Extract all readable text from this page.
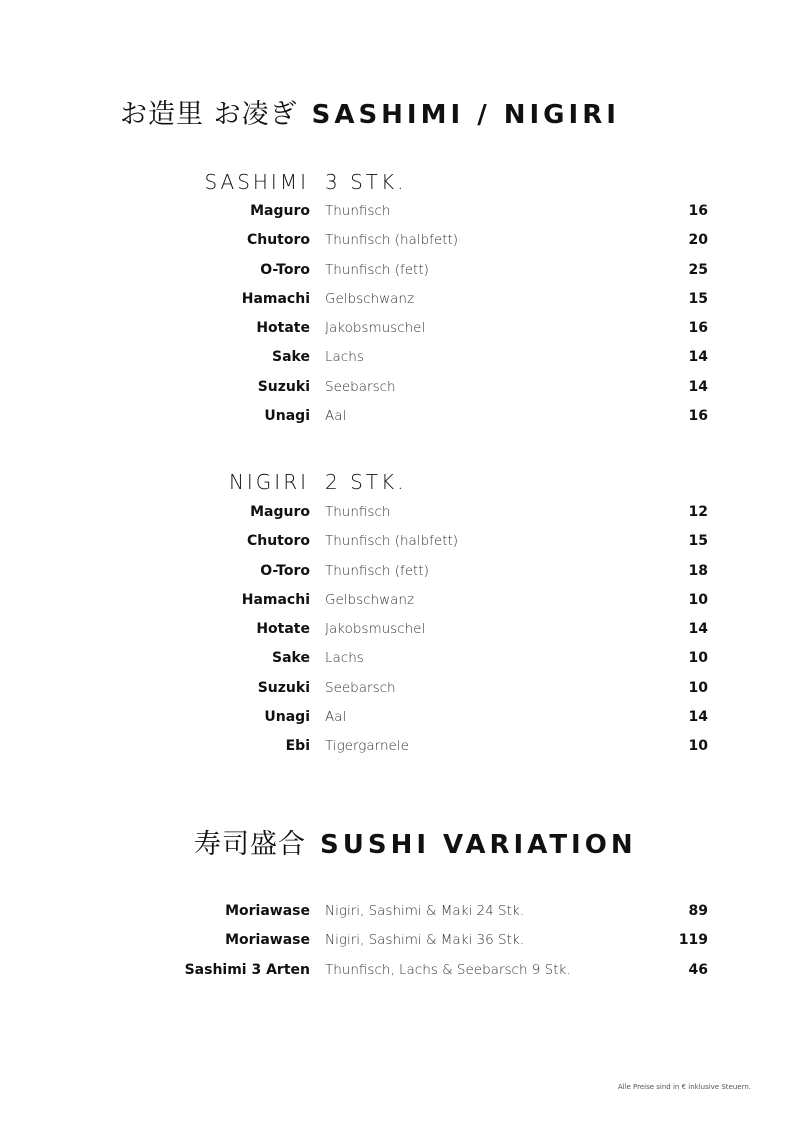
お造里 お凌ぎ SASHIMI / NIGIRI
SASHIMI 3 STK.
Maguro Thunfisch	16
Chutoro Thunfisch (halbfett)	20
O-Toro Thunfisch (fett)	25
Hamachi Gelbschwanz	15
Hotate Jakobsmuschel	16
Sake Lachs	14
Suzuki Seebarsch	14
Unagi Aal	16
NIGIRI 2 STK.
Maguro Thunfisch	12
Chutoro Thunfisch (halbfett)	15
O-Toro Thunfisch (fett)	18
Hamachi Gelbschwanz	10
Hotate Jakobsmuschel	14
Sake Lachs	10
Suzuki Seebarsch	10
Unagi Aal	14
Ebi Tigergarnele	10
寿司盛合 SUSHI VARIATION
Moriawase Nigiri, Sashimi & Maki 24 Stk.	89
Moriawase Nigiri, Sashimi & Maki 36 Stk.	119
Sashimi 3 Arten Thunfisch, Lachs & Seebarsch 9 Stk.	46
Alle Preise sind in € inklusive Steuern.
